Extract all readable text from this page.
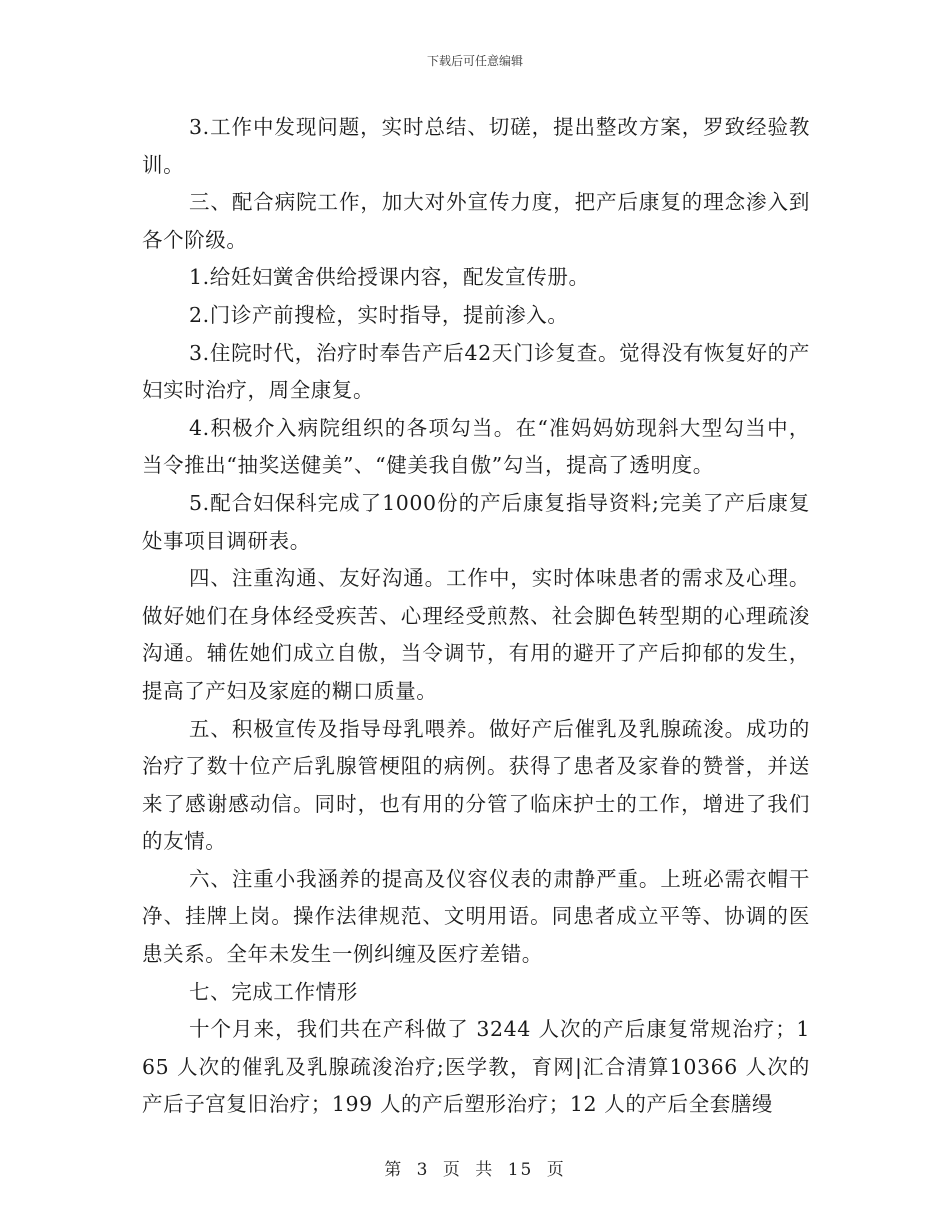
下载后可任意编辑

3.工作中发现问题，实时总结、切磋，提出整改方案，罗致经验教训。

三、配合病院工作，加大对外宣传力度，把产后康复的理念渗入到各个阶级。

1.给妊妇黉舍供给授课内容，配发宣传册。

2.门诊产前搜检，实时指导，提前渗入。

3.住院时代，治疗时奉告产后42天门诊复查。觉得没有恢复好的产妇实时治疗，周全康复。

4.积极介入病院组织的各项勾当。在“准妈妈妨现斜大型勾当中，当令推出“抽奖送健美”、“健美我自傲”勾当，提高了透明度。

5.配合妇保科完成了1000份的产后康复指导资料;完美了产后康复处事项目调研表。

四、注重沟通、友好沟通。工作中，实时体味患者的需求及心理。做好她们在身体经受疾苦、心理经受煎熬、社会脚色转型期的心理疏浚沟通。辅佐她们成立自傲，当令调节，有用的避开了产后抑郁的发生，提高了产妇及家庭的糊口质量。

五、积极宣传及指导母乳喂养。做好产后催乳及乳腺疏浚。成功的治疗了数十位产后乳腺管梗阻的病例。获得了患者及家眷的赞誉，并送来了感谢感动信。同时，也有用的分管了临床护士的工作，增进了我们的友情。

六、注重小我涵养的提高及仪容仪表的肃静严重。上班必需衣帽干净、挂牌上岗。操作法律规范、文明用语。同患者成立平等、协调的医患关系。全年未发生一例纠缠及医疗差错。

七、完成工作情形

十个月来，我们共在产科做了 3244 人次的产后康复常规治疗；165 人次的催乳及乳腺疏浚治疗;医学教，育网|汇合清算10366 人次的产后子宫复旧治疗；199 人的产后塑形治疗；12 人的产后全套膳缦

第 3 页 共 15 页
